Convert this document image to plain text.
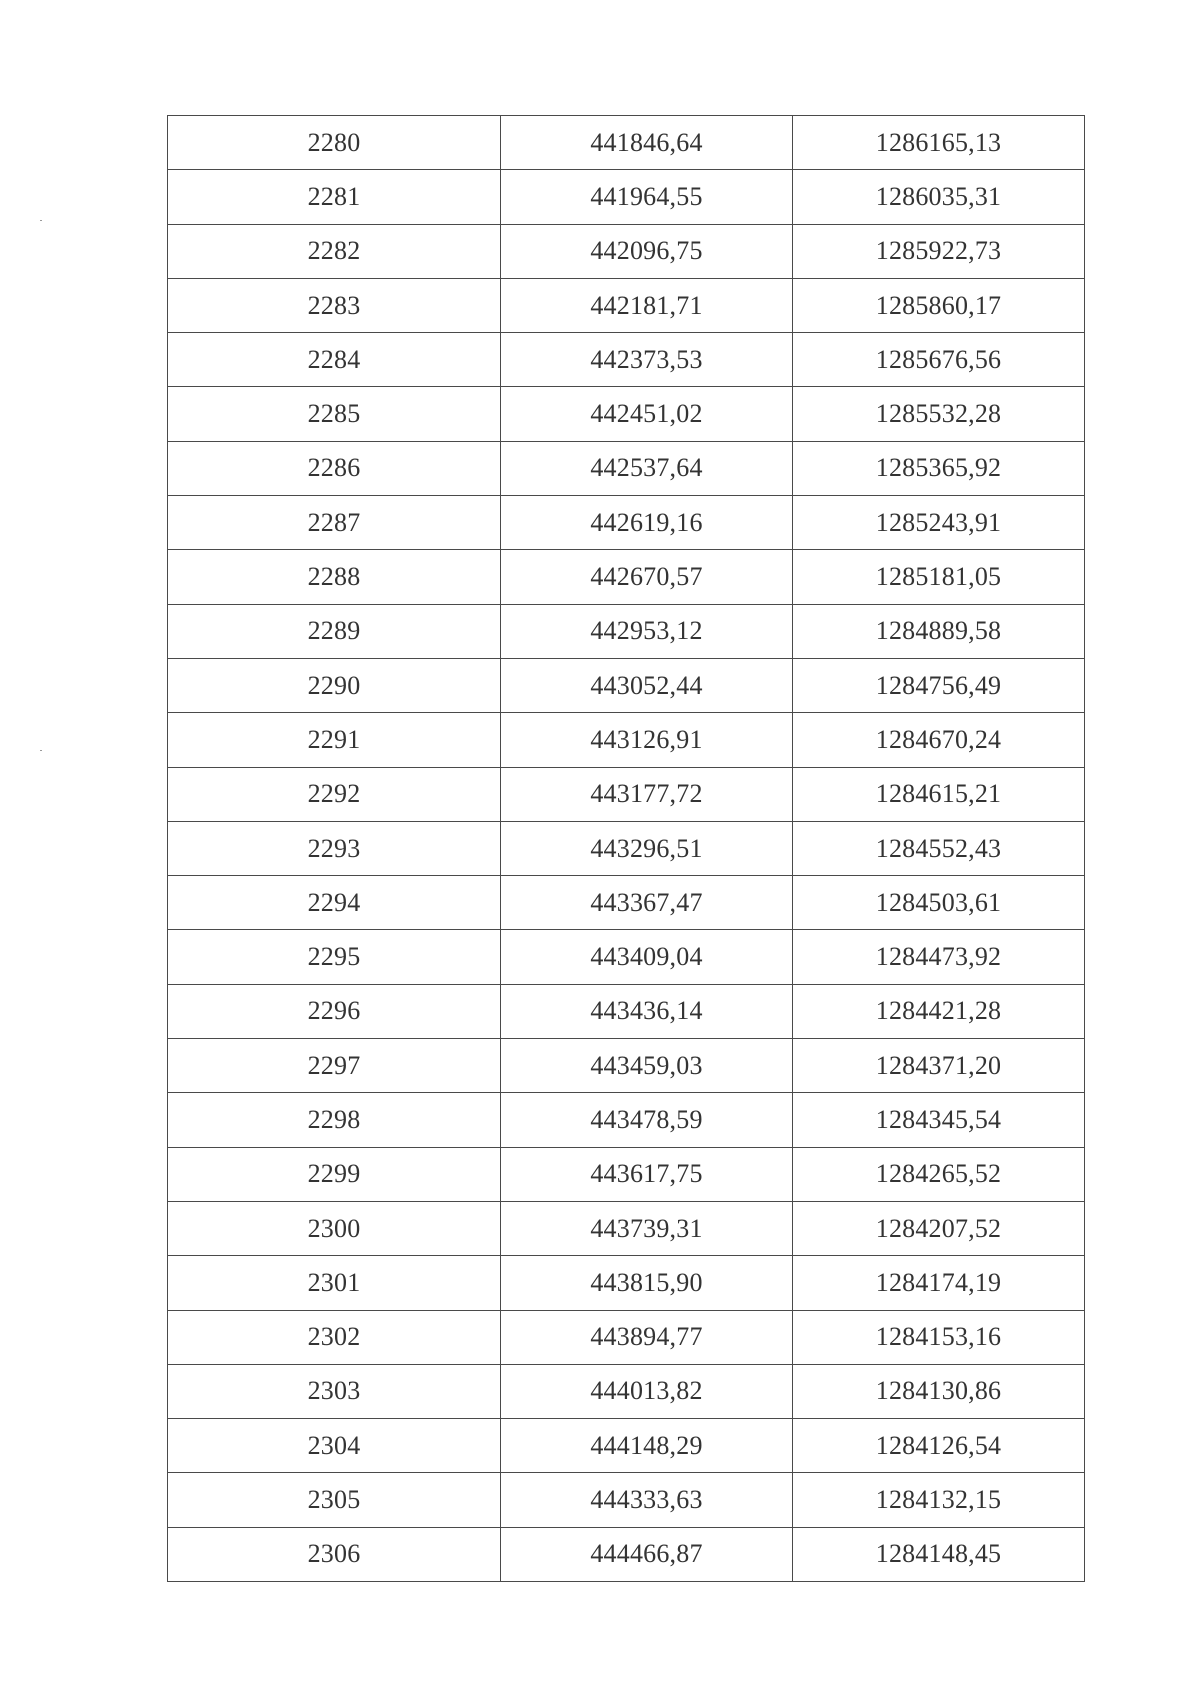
2280	441846,64	1286165,13
2281	441964,55	1286035,31
2282	442096,75	1285922,73
2283	442181,71	1285860,17
2284	442373,53	1285676,56
2285	442451,02	1285532,28
2286	442537,64	1285365,92
2287	442619,16	1285243,91
2288	442670,57	1285181,05
2289	442953,12	1284889,58
2290	443052,44	1284756,49
2291	443126,91	1284670,24
2292	443177,72	1284615,21
2293	443296,51	1284552,43
2294	443367,47	1284503,61
2295	443409,04	1284473,92
2296	443436,14	1284421,28
2297	443459,03	1284371,20
2298	443478,59	1284345,54
2299	443617,75	1284265,52
2300	443739,31	1284207,52
2301	443815,90	1284174,19
2302	443894,77	1284153,16
2303	444013,82	1284130,86
2304	444148,29	1284126,54
2305	444333,63	1284132,15
2306	444466,87	1284148,45
